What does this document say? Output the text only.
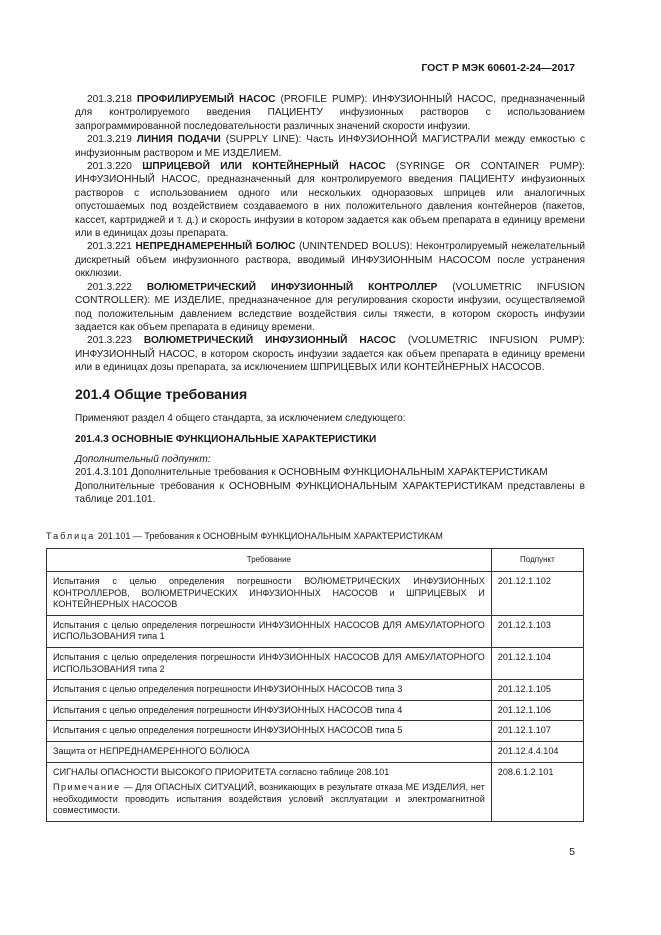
ГОСТ Р МЭК 60601-2-24—2017

201.3.218 ПРОФИЛИРУЕМЫЙ НАСОС (PROFILE PUMP): ИНФУЗИОННЫЙ НАСОС, предназначенный для контролируемого введения ПАЦИЕНТУ инфузионных растворов с использованием запрограммированной последовательности различных значений скорости инфузии.

201.3.219 ЛИНИЯ ПОДАЧИ (SUPPLY LINE): Часть ИНФУЗИОННОЙ МАГИСТРАЛИ между емкостью с инфузионным раствором и МЕ ИЗДЕЛИЕМ.

201.3.220 ШПРИЦЕВОЙ ИЛИ КОНТЕЙНЕРНЫЙ НАСОС (SYRINGE OR CONTAINER PUMP): ИНФУЗИОННЫЙ НАСОС, предназначенный для контролируемого введения ПАЦИЕНТУ инфузионных растворов с использованием одного или нескольких одноразовых шприцев или аналогичных опустошаемых под воздействием создаваемого в них положительного давления контейнеров (пакетов, кассет, картриджей и т. д.) и скорость инфузии в котором задается как объем препарата в единицу времени или в единицах дозы препарата.

201.3.221 НЕПРЕДНАМЕРЕННЫЙ БОЛЮС (UNINTENDED BOLUS): Неконтролируемый нежелательный дискретный объем инфузионного раствора, вводимый ИНФУЗИОННЫМ НАСОСОМ после устранения окклюзии.

201.3.222 ВОЛЮМЕТРИЧЕСКИЙ ИНФУЗИОННЫЙ КОНТРОЛЛЕР (VOLUMETRIC INFUSION CONTROLLER): МЕ ИЗДЕЛИЕ, предназначенное для регулирования скорости инфузии, осуществляемой под положительным давлением вследствие воздействия силы тяжести, в котором скорость инфузии задается как объем препарата в единицу времени.

201.3.223 ВОЛЮМЕТРИЧЕСКИЙ ИНФУЗИОННЫЙ НАСОС (VOLUMETRIC INFUSION PUMP): ИНФУЗИОННЫЙ НАСОС, в котором скорость инфузии задается как объем препарата в единицу времени или в единицах дозы препарата, за исключением ШПРИЦЕВЫХ ИЛИ КОНТЕЙНЕРНЫХ НАСОСОВ.

201.4 Общие требования

Применяют раздел 4 общего стандарта, за исключением следующего:

201.4.3 ОСНОВНЫЕ ФУНКЦИОНАЛЬНЫЕ ХАРАКТЕРИСТИКИ

Дополнительный подпункт:

201.4.3.101 Дополнительные требования к ОСНОВНЫМ ФУНКЦИОНАЛЬНЫМ ХАРАКТЕРИСТИКАМ

Дополнительные требования к ОСНОВНЫМ ФУНКЦИОНАЛЬНЫМ ХАРАКТЕРИСТИКАМ представлены в таблице 201.101.

Таблица 201.101 — Требования к ОСНОВНЫМ ФУНКЦИОНАЛЬНЫМ ХАРАКТЕРИСТИКАМ
Требование	Подпункт
Испытания с целью определения погрешности ВОЛЮМЕТРИЧЕСКИХ ИНФУЗИОННЫХ КОНТРОЛЛЕРОВ, ВОЛЮМЕТРИЧЕСКИХ ИНФУЗИОННЫХ НАСОСОВ и ШПРИЦЕВЫХ И КОНТЕЙНЕРНЫХ НАСОСОВ	201.12.1.102
Испытания с целью определения погрешности ИНФУЗИОННЫХ НАСОСОВ ДЛЯ АМБУЛАТОРНОГО ИСПОЛЬЗОВАНИЯ типа 1	201.12.1.103
Испытания с целью определения погрешности ИНФУЗИОННЫХ НАСОСОВ ДЛЯ АМБУЛАТОРНОГО ИСПОЛЬЗОВАНИЯ типа 2	201.12.1.104
Испытания с целью определения погрешности ИНФУЗИОННЫХ НАСОСОВ типа 3	201.12.1.105
Испытания с целью определения погрешности ИНФУЗИОННЫХ НАСОСОВ типа 4	201.12.1.106
Испытания с целью определения погрешности ИНФУЗИОННЫХ НАСОСОВ типа 5	201.12.1.107
Защита от НЕПРЕДНАМЕРЕННОГО БОЛЮСА	201.12.4.4.104

СИГНАЛЫ ОПАСНОСТИ ВЫСОКОГО ПРИОРИТЕТА согласно таблице 208.101
Примечание — Для ОПАСНЫХ СИТУАЦИЙ, возникающих в результате отказа МЕ ИЗДЕЛИЯ, нет необходимости проводить испытания воздействия условий эксплуатации и электромагнитной совместимости.	208.6.1.2.101
5
